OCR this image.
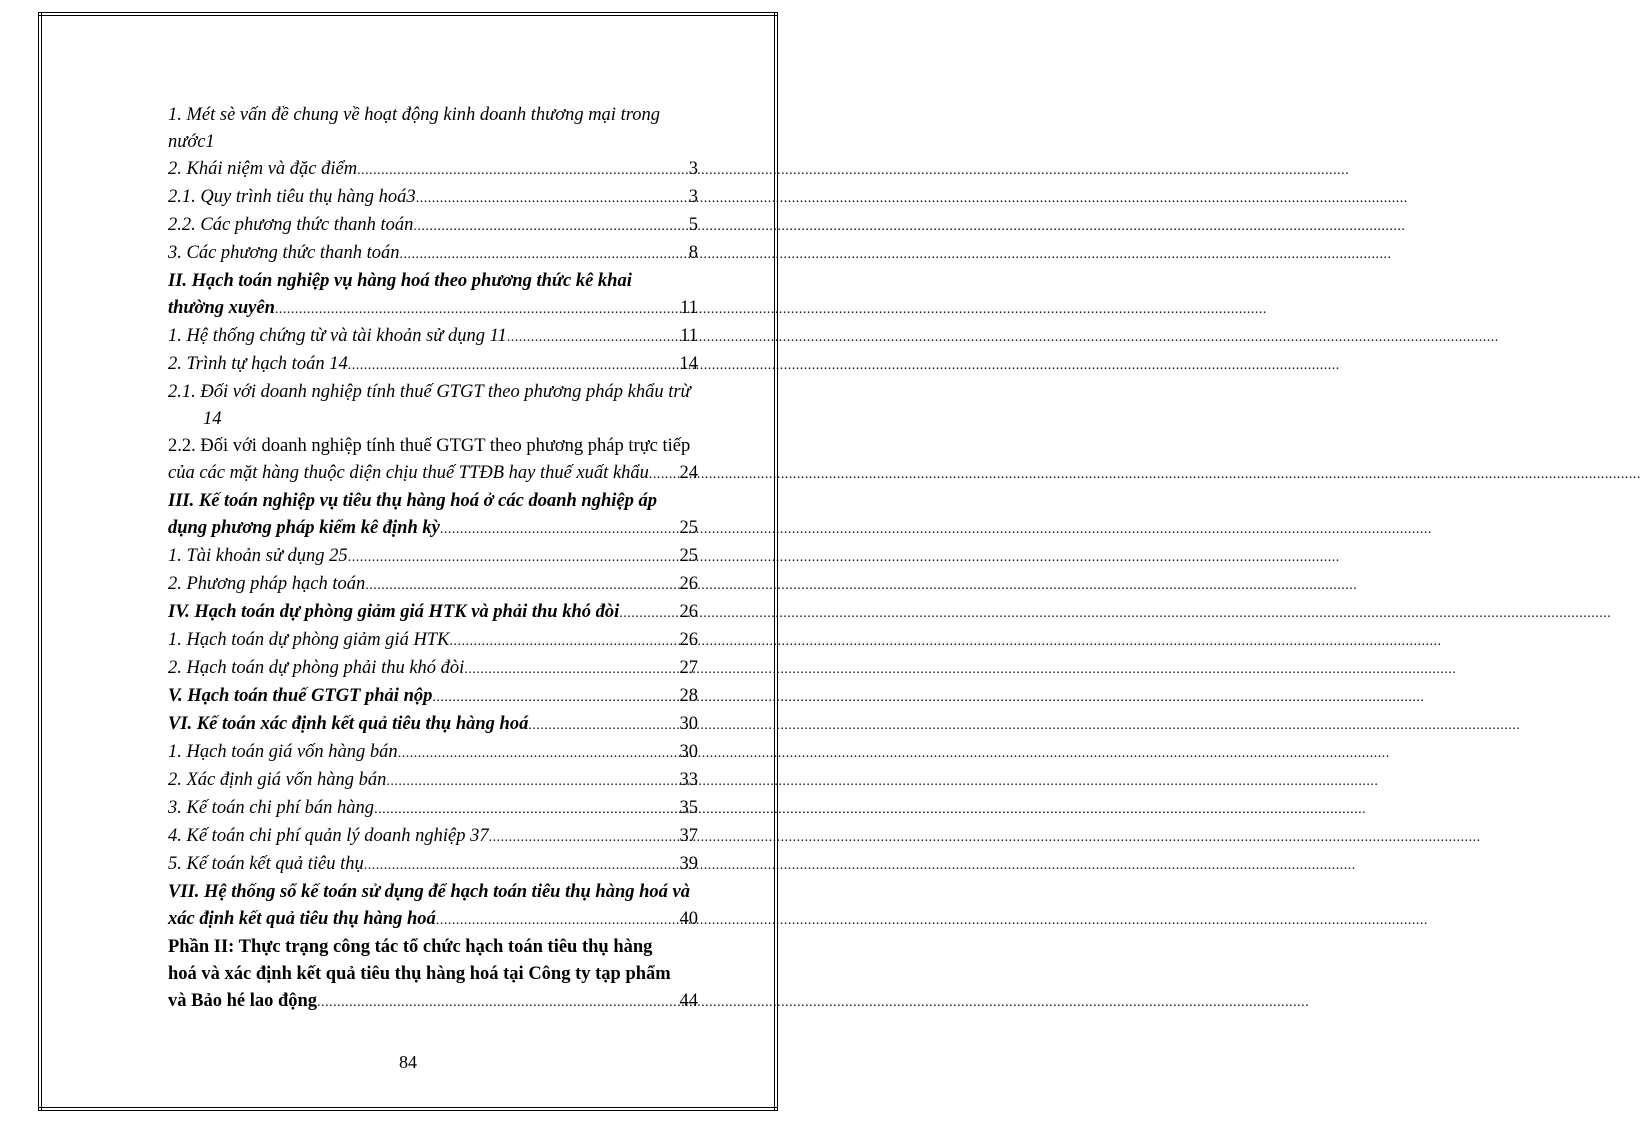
1. Mét sè vấn đề chung về hoạt động kinh doanh thương mại trong
nước1
2. Khái niệm và đặc điểm .....	3
2.1. Quy trình tiêu thụ hàng hoá3 .....	3
2.2. Các phương thức thanh toán .....	5
3. Các phương thức thanh toán .....	8
II. Hạch toán nghiệp vụ hàng hoá theo phương thức kê khai
thường xuyên .....	11
1. Hệ thống chứng từ và tài khoản sử dụng 11 .....	11
2. Trình tự hạch toán 14 .....	14
2.1. Đối với doanh nghiệp tính thuế GTGT theo phương pháp khẩu trừ
14
2.2. Đối với doanh nghiệp tính thuế GTGT theo phương pháp trực tiếp
của các mặt hàng thuộc diện chịu thuế TTĐB hay thuế xuất khẩu ..... 24
III. Kế toán nghiệp vụ tiêu thụ hàng hoá ở các doanh nghiệp áp
dụng phương pháp kiểm kê định kỳ .....	25
1. Tài khoản sử dụng 25 .....	25
2. Phương pháp hạch toán .....	26
IV. Hạch toán dự phòng giảm giá HTK và phải thu khó đòi .....	26
1. Hạch toán dự phòng giảm giá HTK .....	26
2. Hạch toán dự phòng phải thu khó đòi .....	27
V. Hạch toán thuế GTGT phải nộp .....	28
VI. Kế toán xác định kết quả tiêu thụ hàng hoá .....	30
1. Hạch toán giá vốn hàng bán .....	30
2. Xác định giá vốn hàng bán .....	33
3. Kế toán chi phí bán hàng .....	35
4. Kế toán chi phí quản lý doanh nghiệp 37 .....	37
5. Kế toán kết quả tiêu thụ .....	39
VII. Hệ thống sổ kế toán sử dụng để hạch toán tiêu thụ hàng hoá và
xác định kết quả tiêu thụ hàng hoá .....	40
Phần II: Thực trạng công tác tổ chức hạch toán tiêu thụ hàng
hoá và xác định kết quả tiêu thụ hàng hoá tại Công ty tạp phẩm
và Bảo hé lao động .....	44
84
